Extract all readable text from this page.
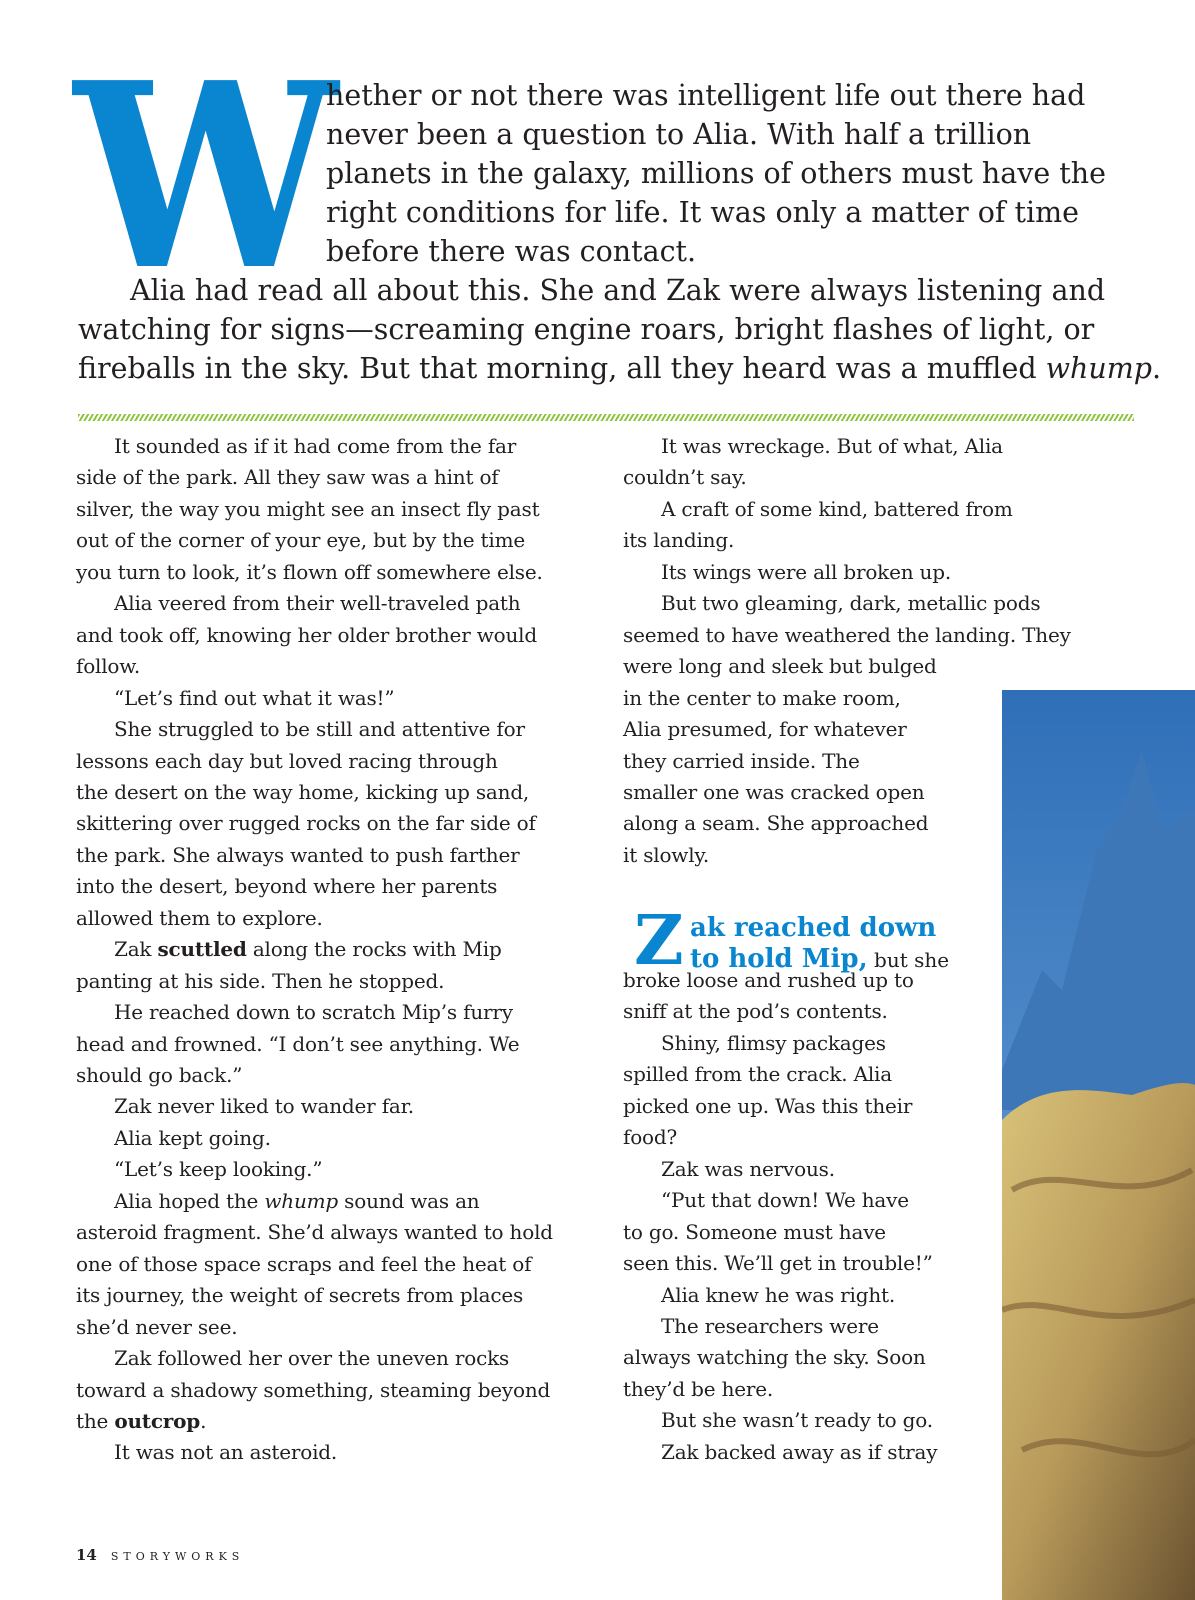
W
hether or not there was intelligent life out there had
never been a question to Alia. With half a trillion
planets in the galaxy, millions of others must have the
right conditions for life. It was only a matter of time
before there was contact.
Alia had read all about this. She and Zak were always listening and
watching for signs—screaming engine roars, bright flashes of light, or
fireballs in the sky. But that morning, all they heard was a muffled whump.
It sounded as if it had come from the far
side of the park. All they saw was a hint of
silver, the way you might see an insect fly past
out of the corner of your eye, but by the time
you turn to look, it’s flown off somewhere else.
Alia veered from their well-traveled path
and took off, knowing her older brother would
follow.
“Let’s find out what it was!”
She struggled to be still and attentive for
lessons each day but loved racing through
the desert on the way home, kicking up sand,
skittering over rugged rocks on the far side of
the park. She always wanted to push farther
into the desert, beyond where her parents
allowed them to explore.
Zak scuttled along the rocks with Mip
panting at his side. Then he stopped.
He reached down to scratch Mip’s furry
head and frowned. “I don’t see anything. We
should go back.”
Zak never liked to wander far.
Alia kept going.
“Let’s keep looking.”
Alia hoped the whump sound was an
asteroid fragment. She’d always wanted to hold
one of those space scraps and feel the heat of
its journey, the weight of secrets from places
she’d never see.
Zak followed her over the uneven rocks
toward a shadowy something, steaming beyond
the outcrop.
It was not an asteroid.
It was wreckage. But of what, Alia
couldn’t say.
A craft of some kind, battered from
its landing.
Its wings were all broken up.
But two gleaming, dark, metallic pods
seemed to have weathered the landing. They
were long and sleek but bulged
in the center to make room,
Alia presumed, for whatever
they carried inside. The
smaller one was cracked open
along a seam. She approached
it slowly.
broke loose and rushed up to
sniff at the pod’s contents.
Shiny, flimsy packages
spilled from the crack. Alia
picked one up. Was this their
food?
Zak was nervous.
“Put that down! We have
to go. Someone must have
seen this. We’ll get in trouble!”
Alia knew he was right.
The researchers were
always watching the sky. Soon
they’d be here.
But she wasn’t ready to go.
Zak backed away as if stray
Z ak reached down
to hold Mip, but she
14 STORYWORKS
